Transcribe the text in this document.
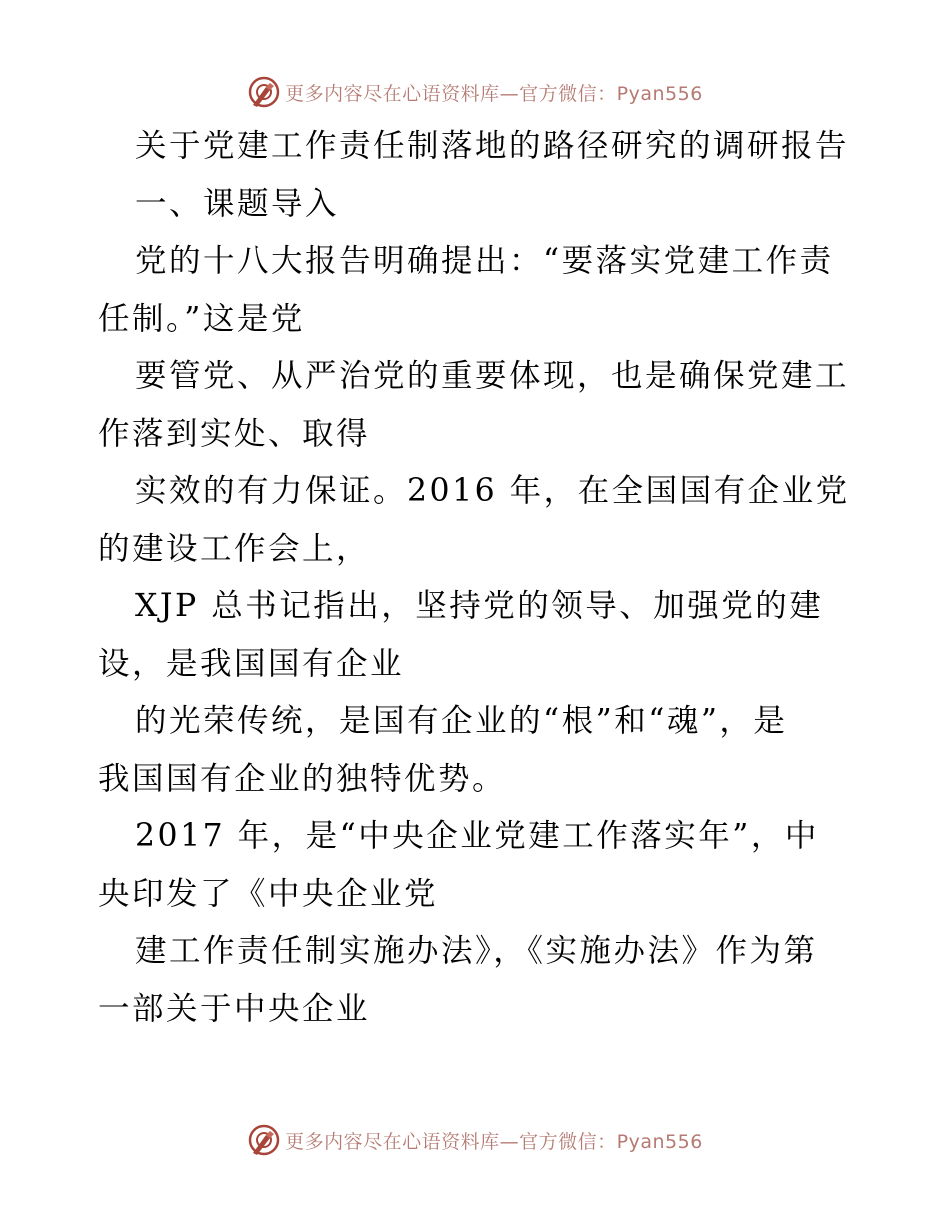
更多内容尽在心语资料库—官方微信：Pyan556
关于党建工作责任制落地的路径研究的调研报告
一、课题导入
党的十八大报告明确提出：“要落实党建工作责
任制。”这是党
要管党、从严治党的重要体现，也是确保党建工
作落到实处、取得
实效的有力保证。2016 年，在全国国有企业党
的建设工作会上，
XJP 总书记指出，坚持党的领导、加强党的建
设，是我国国有企业
的光荣传统，是国有企业的“根”和“魂”，是
我国国有企业的独特优势。
2017 年，是“中央企业党建工作落实年”，中
央印发了《中央企业党
建工作责任制实施办法》，《实施办法》作为第
一部关于中央企业
更多内容尽在心语资料库—官方微信：Pyan556
